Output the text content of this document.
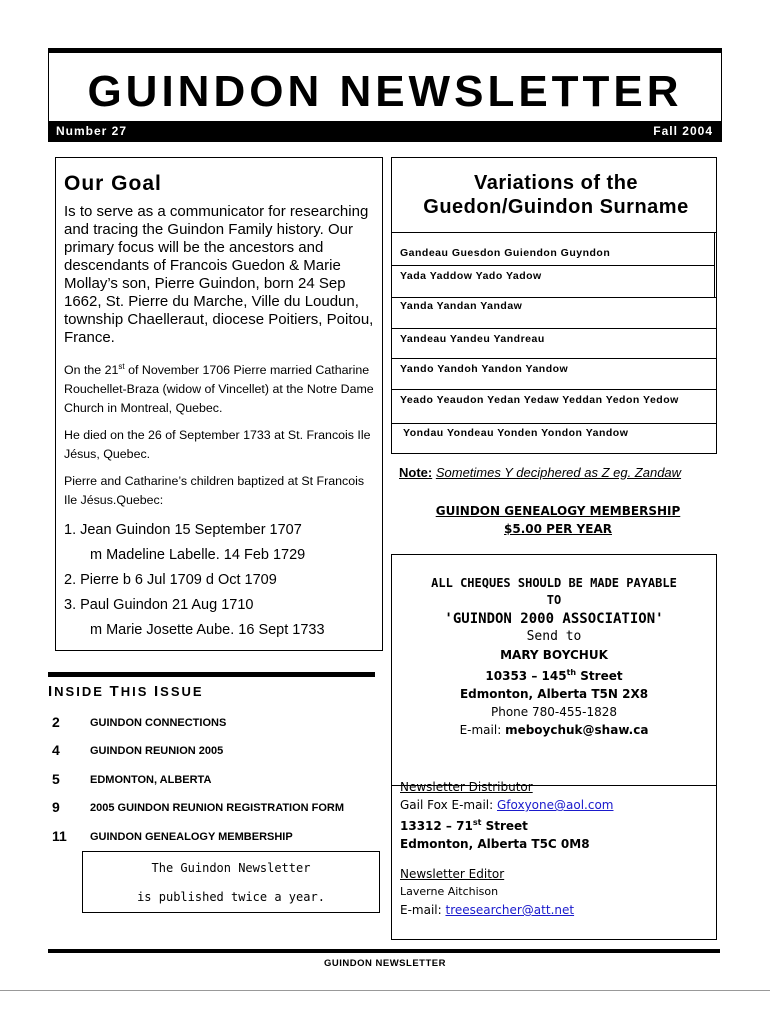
GUINDON NEWSLETTER
Number 27	Fall 2004
Our Goal

Is to serve as a communicator for researching and tracing the Guindon Family history. Our primary focus will be the ancestors and descendants of Francois Guedon & Marie Mollay’s son, Pierre Guindon, born 24 Sep 1662, St. Pierre du Marche, Ville du Loudun, township Chaelleraut, diocese Poitiers, Poitou, France.

On the 21st of November 1706 Pierre married Catharine Rouchellet-Braza (widow of Vincellet) at the Notre Dame Church in Montreal, Quebec.

He died on the 26 of September 1733 at St. Francois Ile Jésus, Quebec.

Pierre and Catharine’s children baptized at St Francois Ile Jésus.Quebec:

1. Jean Guindon 15 September 1707
m Madeline Labelle. 14 Feb 1729
2. Pierre b 6 Jul 1709 d Oct 1709
3. Paul Guindon 21 Aug 1710
m Marie Josette Aube. 16 Sept 1733
INSIDE THIS ISSUE
2	GUINDON CONNECTIONS
4	GUINDON REUNION 2005
5	EDMONTON, ALBERTA
9	2005 GUINDON REUNION REGISTRATION FORM
11	GUINDON GENEALOGY MEMBERSHIP
The Guindon Newsletter
is published twice a year.
Variations of the
Guedon/Guindon Surname
Gandeau Guesdon Guiendon Guyndon
Yada Yaddow Yado Yadow
Yanda Yandan Yandaw
Yandeau Yandeu Yandreau
Yando Yandoh Yandon Yandow
Yeado Yeaudon Yedan Yedaw Yeddan Yedon Yedow
Yondau Yondeau Yonden Yondon Yandow
Note: Sometimes Y deciphered as Z eg. Zandaw
GUINDON GENEALOGY MEMBERSHIP
$5.00 PER YEAR
ALL CHEQUES SHOULD BE MADE PAYABLE
TO
'GUINDON 2000 ASSOCIATION'
Send to
MARY BOYCHUK
10353 – 145th Street
Edmonton, Alberta T5N 2X8
Phone 780-455-1828
E-mail: meboychuk@shaw.ca
Newsletter Distributor
Gail Fox E-mail: Gfoxyone@aol.com
13312 – 71st Street
Edmonton, Alberta T5C 0M8
Newsletter Editor
Laverne Aitchison
E-mail: treesearcher@att.net
GUINDON NEWSLETTER
